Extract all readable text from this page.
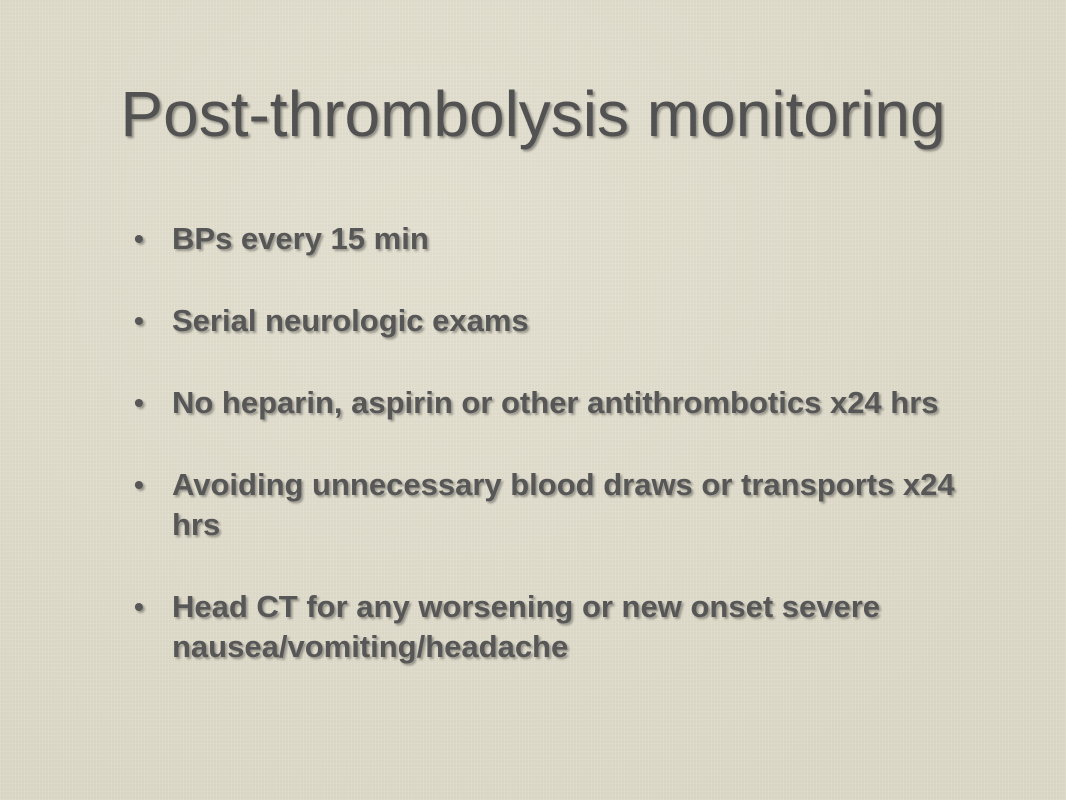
Post-thrombolysis monitoring
• BPs every 15 min
• Serial neurologic exams
• No heparin, aspirin or other antithrombotics x24 hrs
• Avoiding unnecessary blood draws or transports x24 hrs
• Head CT for any worsening or new onset severe nausea/vomiting/headache
